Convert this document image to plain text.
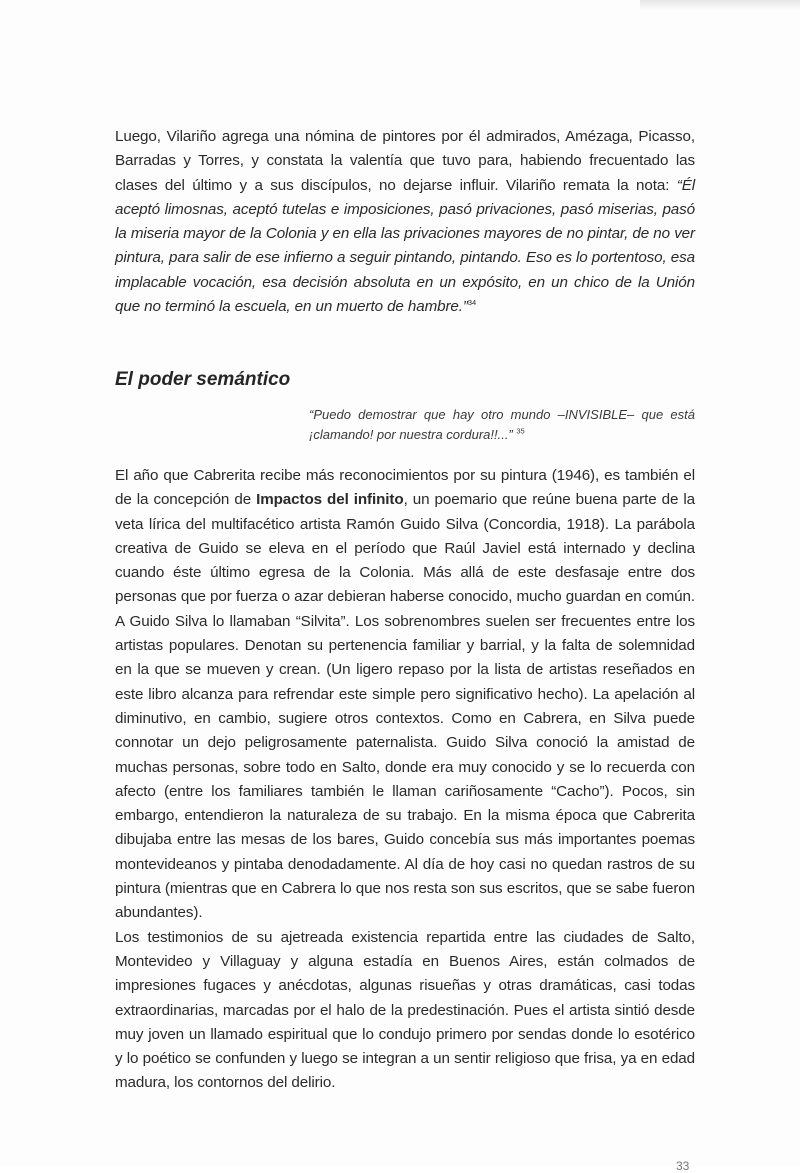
Luego, Vilariño agrega una nómina de pintores por él admirados, Amézaga, Picasso, Barradas y Torres, y constata la valentía que tuvo para, habiendo frecuentado las clases del último y a sus discípulos, no dejarse influir. Vilariño remata la nota: “Él aceptó limosnas, aceptó tutelas e imposiciones, pasó privaciones, pasó miserias, pasó la miseria mayor de la Colonia y en ella las privaciones mayores de no pintar, de no ver pintura, para salir de ese infierno a seguir pintando, pintando. Eso es lo portentoso, esa implacable vocación, esa decisión absoluta en un expósito, en un chico de la Unión que no terminó la escuela, en un muerto de hambre.”$^{34}$

El poder semántico
“Puedo demostrar que hay otro mundo –INVISIBLE– que está ¡clamando! por nuestra cordura!!...” $^{35}$

El año que Cabrerita recibe más reconocimientos por su pintura (1946), es también el de la concepción de Impactos del infinito, un poemario que reúne buena parte de la veta lírica del multifacético artista Ramón Guido Silva (Concordia, 1918). La parábola creativa de Guido se eleva en el período que Raúl Javiel está internado y declina cuando éste último egresa de la Colonia. Más allá de este desfasaje entre dos personas que por fuerza o azar debieran haberse conocido, mucho guardan en común. A Guido Silva lo llamaban “Silvita”. Los sobrenombres suelen ser frecuentes entre los artistas populares. Denotan su pertenencia familiar y barrial, y la falta de solemnidad en la que se mueven y crean. (Un ligero repaso por la lista de artistas reseñados en este libro alcanza para refrendar este simple pero significativo hecho). La apelación al diminutivo, en cambio, sugiere otros contextos. Como en Cabrera, en Silva puede connotar un dejo peligrosamente paternalista. Guido Silva conoció la amistad de muchas personas, sobre todo en Salto, donde era muy conocido y se lo recuerda con afecto (entre los familiares también le llaman cariñosamente “Cacho”). Pocos, sin embargo, entendieron la naturaleza de su trabajo. En la misma época que Cabrerita dibujaba entre las mesas de los bares, Guido concebía sus más importantes poemas montevideanos y pintaba denodadamente. Al día de hoy casi no quedan rastros de su pintura (mientras que en Cabrera lo que nos resta son sus escritos, que se sabe fueron abundantes).

Los testimonios de su ajetreada existencia repartida entre las ciudades de Salto, Montevideo y Villaguay y alguna estadía en Buenos Aires, están colmados de impresiones fugaces y anécdotas, algunas risueñas y otras dramáticas, casi todas extraordinarias, marcadas por el halo de la predestinación. Pues el artista sintió desde muy joven un llamado espiritual que lo condujo primero por sendas donde lo esotérico y lo poético se confunden y luego se integran a un sentir religioso que frisa, ya en edad madura, los contornos del delirio.

33
